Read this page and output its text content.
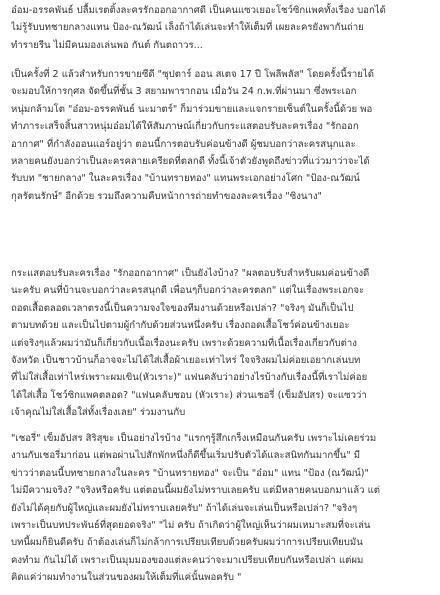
อ๋อม-อรรคพันธ์ ปลื้มเรตติ้งละครรักออกอากาศดี เป็นคนแซวเยอะโชว์ซิกแพคทั้งเรื่อง บอกได้
ไม่รู้รับบทชายกลางแทน ป้อง-ณวัฒน์ เล็งถ้าได้เล่นจะทำให้เต็มที่ เผยละครยังพากันถ่าย
ทำรายรีน ไม่มีคนมองเล่นพอ กันต์ กันตถาวร...

เป็นครั้งที่ 2 แล้วสำหรับการขายซีดี "ซุปตาร์ ออน สเตจ 17 ปี โพลีพลัส" โดยครั้งนี้รายได้
จะมอบให้การกุศล จัดขึ้นที่ชั้น 3 สยามพารากอน เมื่อวัน 24 ก.พ.ที่ผ่านมา ซึ่งพระเอก
หนุ่มกล้ามโต "อ๋อม-อรรคพันธ์ นะมาตร์" ก็มาร่วมขายและแจกรายเซ็นต์ในครั้งนี้ด้วย พอ
ทำภาระเสร็จสิ้นสาวหนุ่มอ๋อมได้ให้สัมภาษณ์เกี่ยวกับกระแสตอบรับละครเรื่อง "รักออก
อากาศ" ที่กำลังออนแอร์อยู่ว่า ตอนนี้การตอบรับค่อนข้างดี ผู้ชมบอกว่าละครสนุกและ
หลายคนยังบอกว่าเป็นละครคลายเครียดที่ตลกดี ทั้งนี้เจ้าตัวยังพูดถึงข่าวที่แว่วมาว่าจะได้
รับบท "ชายกลาง" ในละครเรื่อง "บ้านทรายทอง" แทนพระเอกอย่างโศก "ป้อง-ณวัฒน์
กุลรัตนรักษ์" อีกด้วย รวมถึงความคืบหน้าการถ่ายทำของละครเรื่อง "ซิงนาง"

กระแสตอบรับละครเรื่อง "รักออกอากาศ" เป็นยังไงบ้าง? "ผลตอบรับสำหรับผมค่อนข้างดี
นะครับ คนที่บ้านจะบอกว่าละครสนุกดี เพื่อนๆก็บอกว่าละครตลก" แต่ในเรื่องพระเอกจะ
ถอดเสื้อตลอดเวลาตรงนี้เป็นความจงใจของทีมงานด้วยหรือเปล่า? "จริงๆ มันก็เป็นไป
ตามบทด้วย และเป็นไปตามผู้กำกับด้วยส่วนหนึ่งครับ เรื่องถอดเสื้อโชว์ค่อนข้างเยอะ
แต่จริงๆแล้วผมว่ามันก็เกี่ยวกับเนื้อเรื่องนะครับ เพราะด้วยความที่เนื้อเรื่องเกี่ยวกับต่าง
จังหวัด เป็นชาวบ้านก็อาจจะไม่ได้ใส่เสื้อผ้าเยอะเท่าไหร่ ใจจริงผมไม่ค่อยเอยากเล่นบท
ที่ไม่ใส่เสื้อเท่าไหร่เพราะผมเขิน(หัวเราะ)" แฟนคลับว่าอย่างไรบ้างกับเรื่องนี้ที่เราไม่ค่อย
ได้ใส่เสื้อ โชว์ซิกแพคตลอด? "แฟนคลับชอบ (หัวเราะ) ส่วนเชอรี่ (เข็มอัปสร) จะแซวว่า
เจ้าคุณไม่ใส่เสื้อใส่ทั้งเรื่องเลย" ร่วมงานกับ

"เชอรี่" เข็มอัปสร สิริสุขะ เป็นอย่างไรบ้าง "แรกๆรู้สึกเกร็งเหมือนกันครับ เพราะไม่เคยร่วม
งานกับเชอรี่มาก่อน แต่พอผ่านไปสักพักหนึ่งก็ดีขึ้นเริ่มปรับตัวได้และสนิทกันมากขึ้น" มี
ข่าวว่าตอนนี้บทชายกลางในละคร "บ้านทรายทอง" จะเป็น "อ๋อม" แทน "ป้อง (ณวัฒน์)"
ไม่มีความจริง? "จริงหรือครับ แต่ตอนนี้ผมยังไม่ทราบเลยครับ แต่มีหลายคนบอกมาแล้ว แต่
ยังไม่ได้คุยกับผู้ใหญ่และผมยังไม่ทราบเลยครับ" ถ้าได้เล่นจะเล่นเป็นหรือเปล่า? "จริงๆ
เพราะเป็นบทประพันธ์ที่สุดยอดจริง" "ไม่ ครับ ถ้าเกิดว่าผู้ใหญ่เห็นว่าผมเหมาะสมที่จะเล่น
บทนี้ผมก็ยินดีครับ ถ้าต้องเล่นก็ไม่กล้าการเปรียบเทียบด้วยครับผมว่าการเปรียบเทียบมัน
คงทำม กันไม่ได้ เพราะเป็นมุมมองของแต่ละคนว่าจะมาเปรียบเทียบกันหรือเปล่า แต่ผม
คิดแค่ว่าผมทำงานในส่วนของผมให้เต็มที่แค่นั้นพอครับ "
